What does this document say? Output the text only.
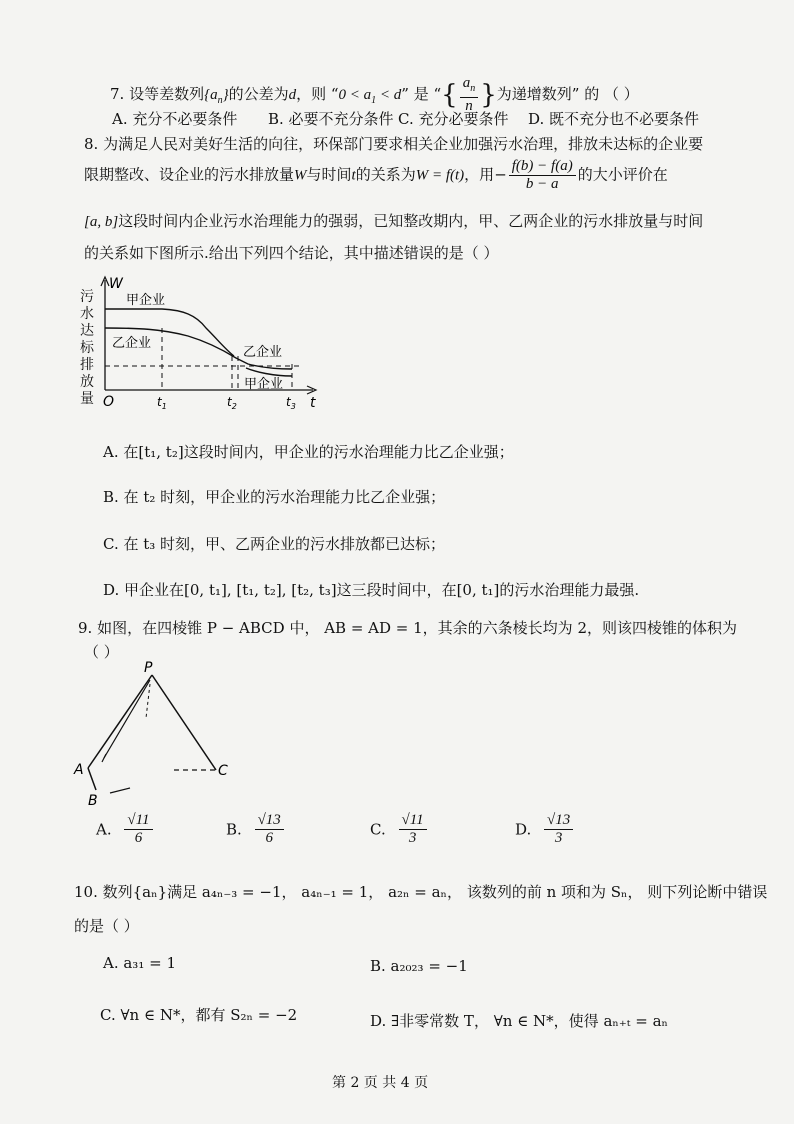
7. 设等差数列$\{a_n\}$的公差为d，则 “$0 < a_1 < d$” 是 “{ $\frac{a_n}{n}$ }为递增数列” 的 （ ）
A. 充分不必要条件 B. 必要不充分条件 C. 充分必要条件 D. 既不充分也不必要条件
8. 为满足人民对美好生活的向往，环保部门要求相关企业加强污水治理，排放未达标的企业要
限期整改、设企业的污水排放量W与时间t的关系为W = f(t)，用− $\frac{f(b) - f(a)}{b - a}$ 的大小评价在
[a, b]这段时间内企业污水治理能力的强弱，已知整改期内，甲、乙两企业的污水排放量与时间
的关系如下图所示.给出下列四个结论，其中描述错误的是（ ）
污
水
达
标
排
放
量
W
t
O
甲企业
乙企业
乙企业
甲企业
$t_1$	$t_2$	$t_3$
A. 在[t₁, t₂]这段时间内，甲企业的污水治理能力比乙企业强；
B. 在 t₂ 时刻，甲企业的污水治理能力比乙企业强；
C. 在 t₃ 时刻，甲、乙两企业的污水排放都已达标；
D. 甲企业在[0, t₁], [t₁, t₂], [t₂, t₃]这三段时间中，在[0, t₁]的污水治理能力最强.
9. 如图，在四棱锥 P − ABCD 中， AB = AD = 1，其余的六条棱长均为 2，则该四棱锥的体积为
（ ）
P
A
B
C
A. $\frac{√11}{6}$	B. $\frac{√13}{6}$	C. $\frac{√11}{3}$	D. $\frac{√13}{3}$
10. 数列{aₙ}满足 a₄ₙ₋₃ = −1， a₄ₙ₋₁ = 1， a₂ₙ = aₙ， 该数列的前 n 项和为 Sₙ， 则下列论断中错误
的是（ ）
A. a₃₁ = 1	B. a₂₀₂₃ = −1
C. ∀n ∈ N*，都有 S₂ₙ = −2	D. ∃非零常数 T， ∀n ∈ N*，使得 aₙ₊ₜ = aₙ
第 2 页 共 4 页
